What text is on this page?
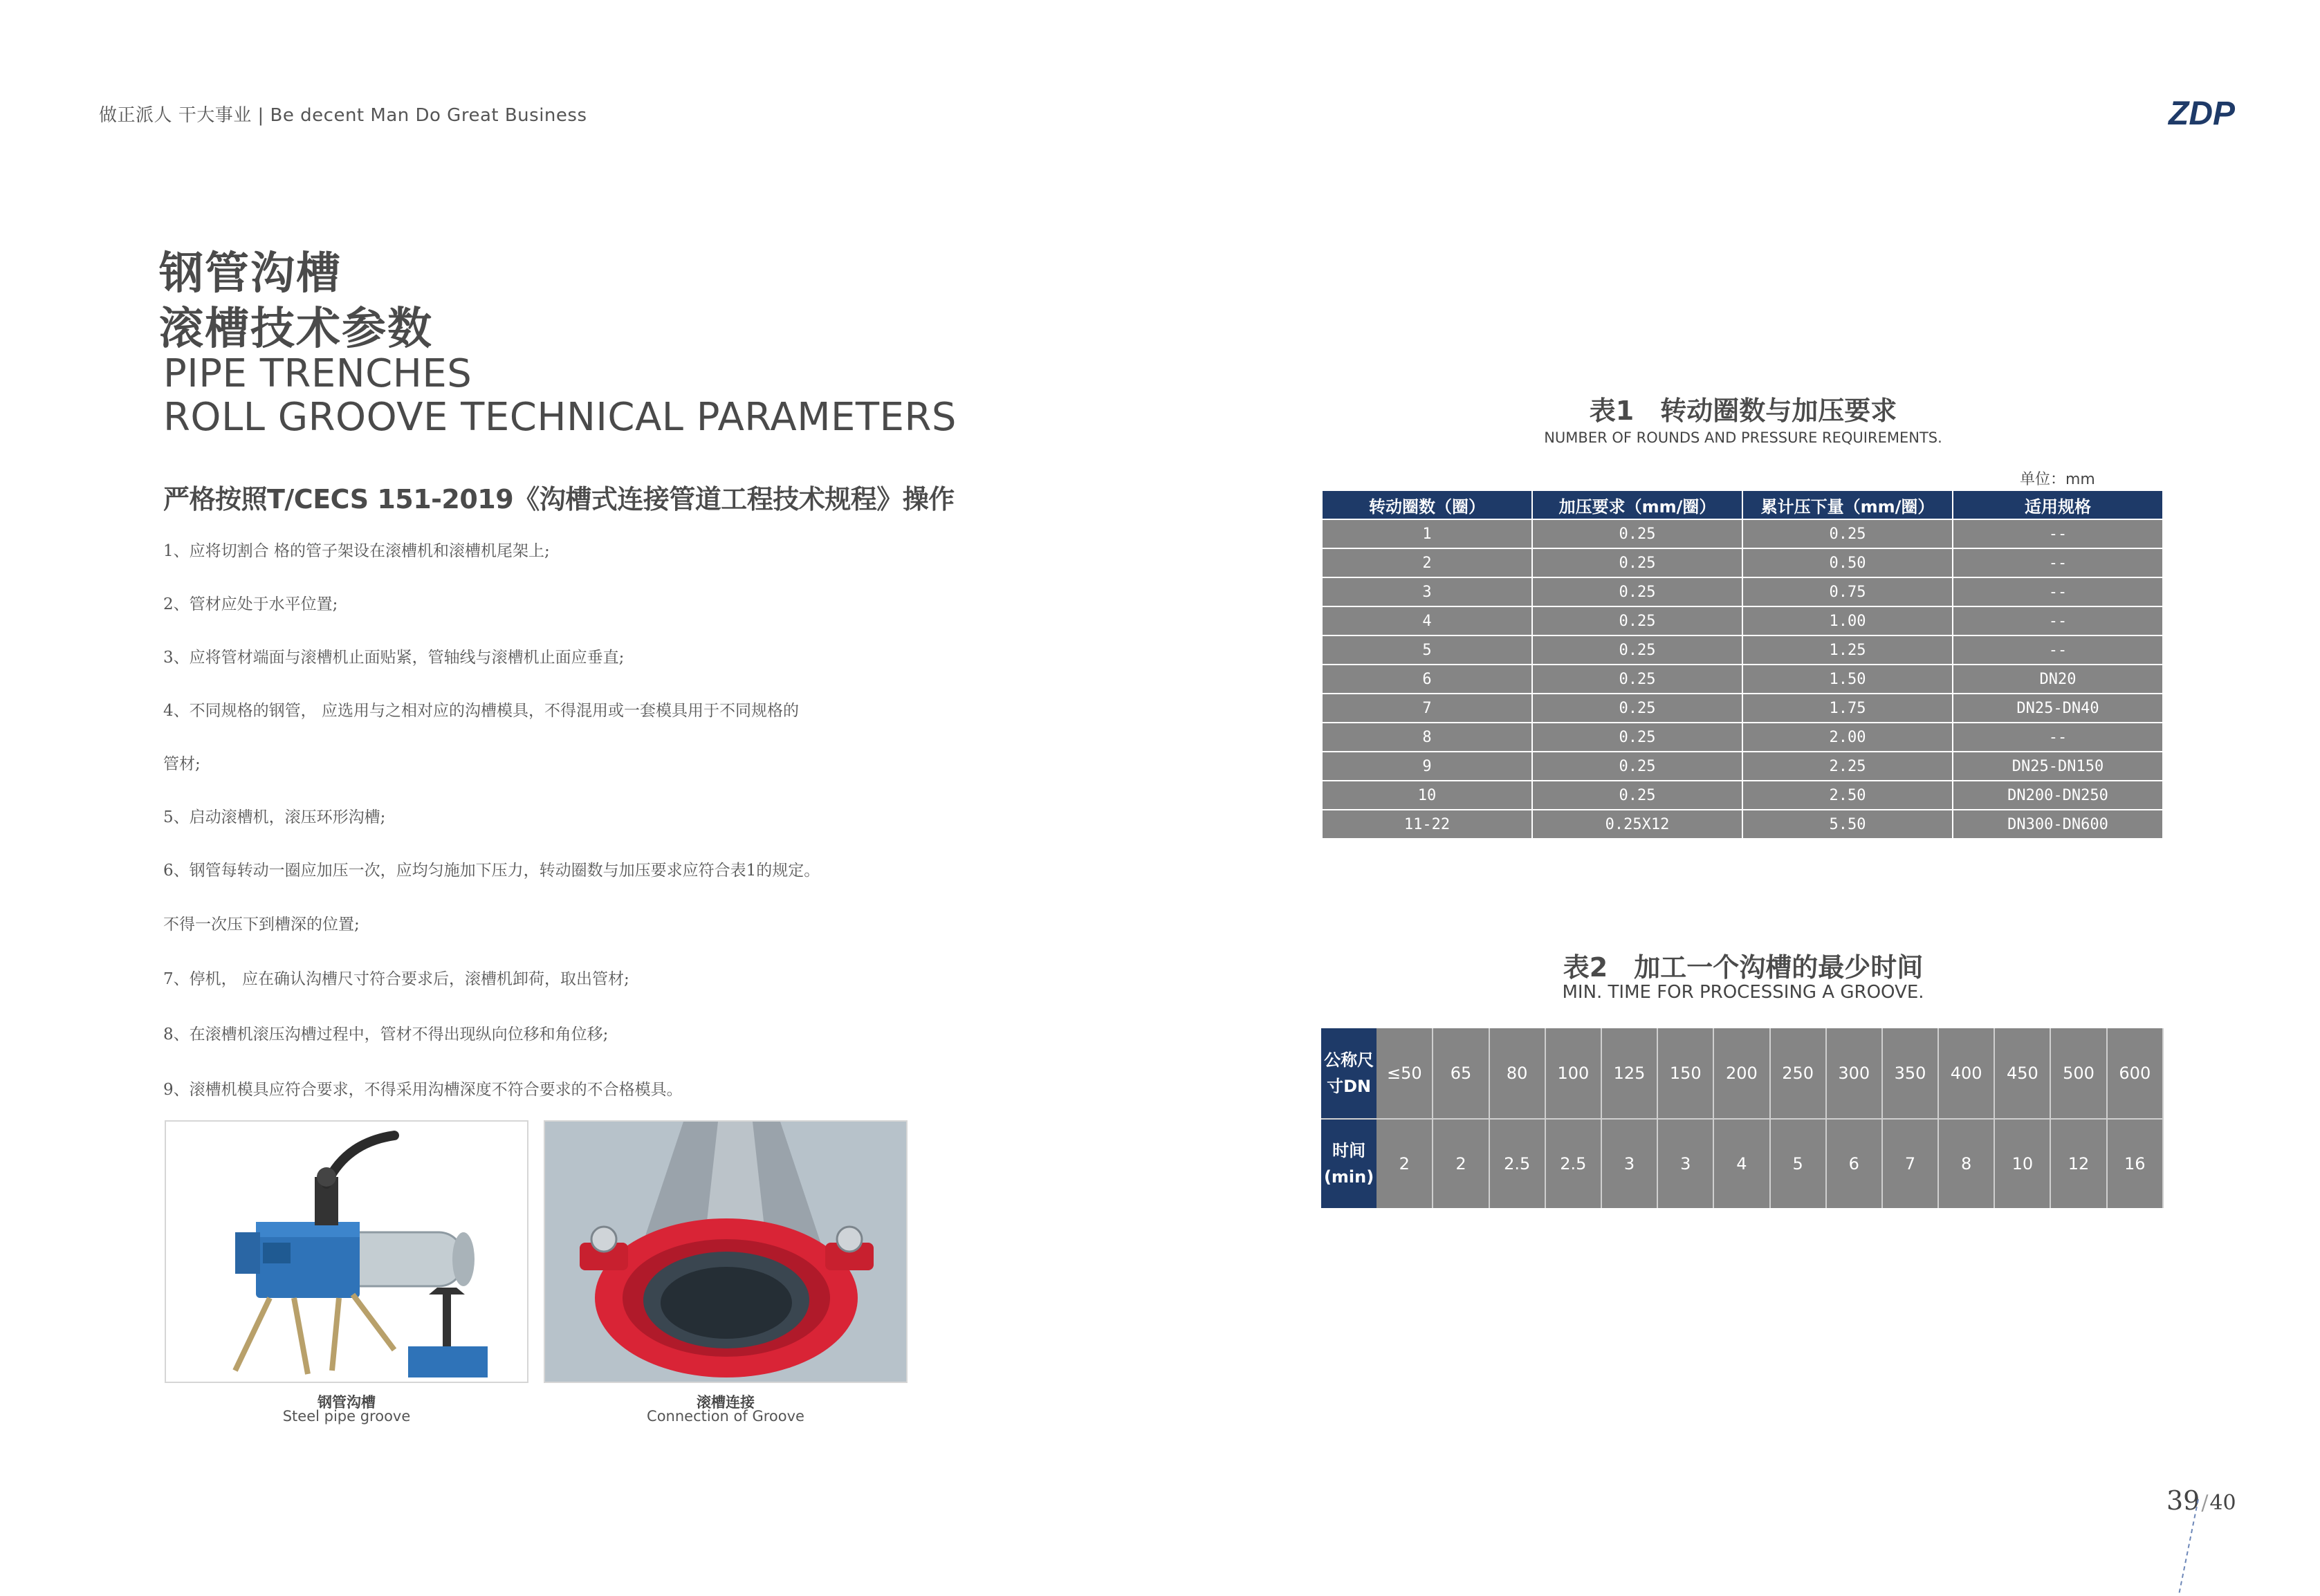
做正派人 干大事业 | Be decent Man Do Great Business	ZDP
钢管沟槽
滚槽技术参数
PIPE TRENCHES
ROLL GROOVE TECHNICAL PARAMETERS
严格按照T/CECS 151-2019《沟槽式连接管道工程技术规程》操作
1、应将切割合 格的管子架设在滚槽机和滚槽机尾架上;
2、管材应处于水平位置;
3、应将管材端面与滚槽机止面贴紧，管轴线与滚槽机止面应垂直;
4、不同规格的钢管， 应选用与之相对应的沟槽模具，不得混用或一套模具用于不同规格的
管材;
5、启动滚槽机，滚压环形沟槽;
6、钢管每转动一圈应加压一次，应均匀施加下压力，转动圈数与加压要求应符合表1的规定。
不得一次压下到槽深的位置;
7、停机， 应在确认沟槽尺寸符合要求后，滚槽机卸荷，取出管材;
8、在滚槽机滚压沟槽过程中，管材不得出现纵向位移和角位移;
9、滚槽机模具应符合要求，不得采用沟槽深度不符合要求的不合格模具。
钢管沟槽
Steel pipe groove
滚槽连接
Connection of Groove
表1　转动圈数与加压要求
NUMBER OF ROUNDS AND PRESSURE REQUIREMENTS.
单位：mm
转动圈数（圈）	加压要求（mm/圈）	累计压下量（mm/圈）	适用规格
1	0.25	0.25	--
2	0.25	0.50	--
3	0.25	0.75	--
4	0.25	1.00	--
5	0.25	1.25	--
6	0.25	1.50	DN20
7	0.25	1.75	DN25-DN40
8	0.25	2.00	--
9	0.25	2.25	DN25-DN150
10	0.25	2.50	DN200-DN250
11-22	0.25X12	5.50	DN300-DN600
表2　加工一个沟槽的最少时间
MIN. TIME FOR PROCESSING A GROOVE.
公称尺
寸DN	≤50	65	80	100	125	150	200	250	300	350	400	450	500	600
时间
(min)	2	2	2.5	2.5	3	3	4	5	6	7	8	10	12	16
39/40
